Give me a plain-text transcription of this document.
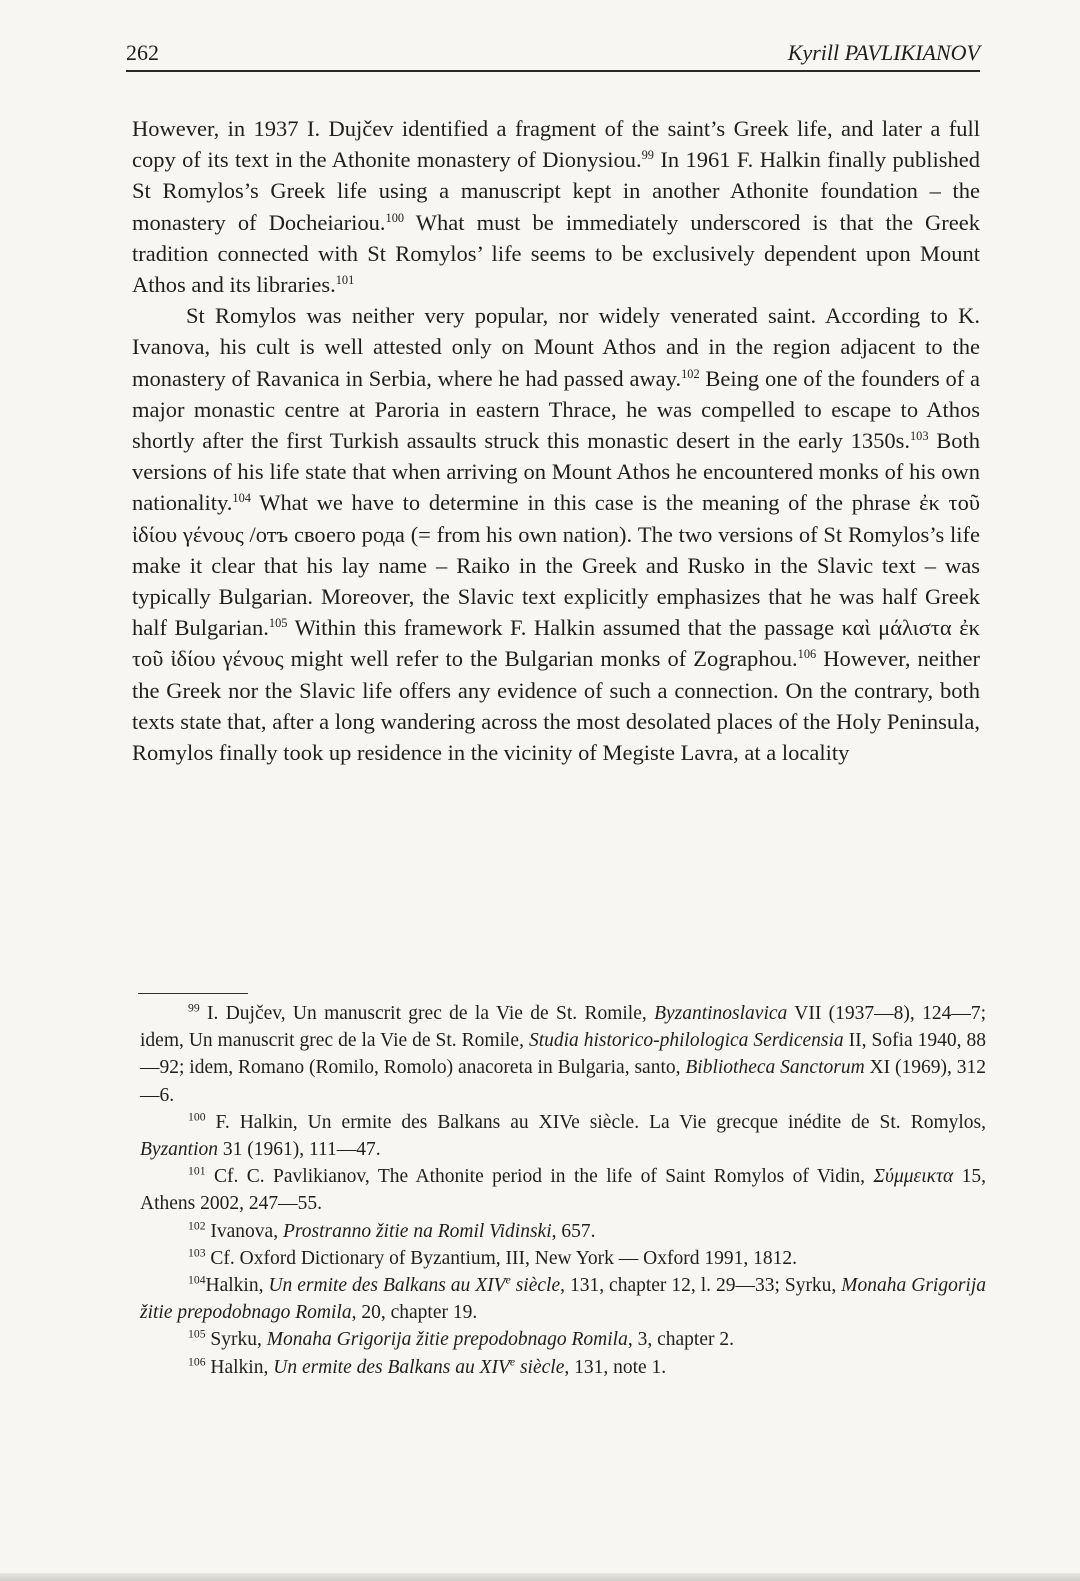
262	Kyrill PAVLIKIANOV

However, in 1937 I. Dujčev identified a fragment of the saint’s Greek life, and later a full copy of its text in the Athonite monastery of Dionysiou.$^{99}$ In 1961 F. Halkin finally published St Romylos’s Greek life using a manuscript kept in another Athonite foundation – the monastery of Docheiariou.$^{100}$ What must be immediately underscored is that the Greek tradition connected with St Romylos’ life seems to be exclusively dependent upon Mount Athos and its libraries.$^{101}$

St Romylos was neither very popular, nor widely venerated saint. According to K. Ivanova, his cult is well attested only on Mount Athos and in the region adjacent to the monastery of Ravanica in Serbia, where he had passed away.$^{102}$ Being one of the founders of a major monastic centre at Paroria in eastern Thrace, he was compelled to escape to Athos shortly after the first Turkish assaults struck this monastic desert in the early 1350s.$^{103}$ Both versions of his life state that when arriving on Mount Athos he encountered monks of his own nationality.$^{104}$ What we have to determine in this case is the meaning of the phrase ἐκ τοῦ ἰδίου γένους /отъ своего рода (= from his own nation). The two versions of St Romylos’s life make it clear that his lay name – Raiko in the Greek and Rusko in the Slavic text – was typically Bulgarian. Moreover, the Slavic text explicitly emphasizes that he was half Greek half Bulgarian.$^{105}$ Within this framework F. Halkin assumed that the passage καὶ μάλιστα ἐκ τοῦ ἰδίου γένους might well refer to the Bulgarian monks of Zographou.$^{106}$ However, neither the Greek nor the Slavic life offers any evidence of such a connection. On the contrary, both texts state that, after a long wandering across the most desolated places of the Holy Peninsula, Romylos finally took up residence in the vicinity of Megiste Lavra, at a locality

$^{99}$ I. Dujčev, Un manuscrit grec de la Vie de St. Romile, Byzantinoslavica VII (1937—8), 124—7; idem, Un manuscrit grec de la Vie de St. Romile, Studia historico-philologica Serdicensia II, Sofia 1940, 88—92; idem, Romano (Romilo, Romolo) anacoreta in Bulgaria, santo, Bibliotheca Sanctorum XI (1969), 312—6.

$^{100}$ F. Halkin, Un ermite des Balkans au XIVe siècle. La Vie grecque inédite de St. Romylos, Byzantion 31 (1961), 111—47.

$^{101}$ Cf. C. Pavlikianov, The Athonite period in the life of Saint Romylos of Vidin, Σύμμεικτα 15, Athens 2002, 247—55.

$^{102}$ Ivanova, Prostranno žitie na Romil Vidinski, 657.

$^{103}$ Cf. Oxford Dictionary of Byzantium, III, New York — Oxford 1991, 1812.

$^{104}$Halkin, Un ermite des Balkans au XIVe siècle, 131, chapter 12, l. 29—33; Syrku, Monaha Grigorija žitie prepodobnago Romila, 20, chapter 19.

$^{105}$ Syrku, Monaha Grigorija žitie prepodobnago Romila, 3, chapter 2.

$^{106}$ Halkin, Un ermite des Balkans au XIVe siècle, 131, note 1.
